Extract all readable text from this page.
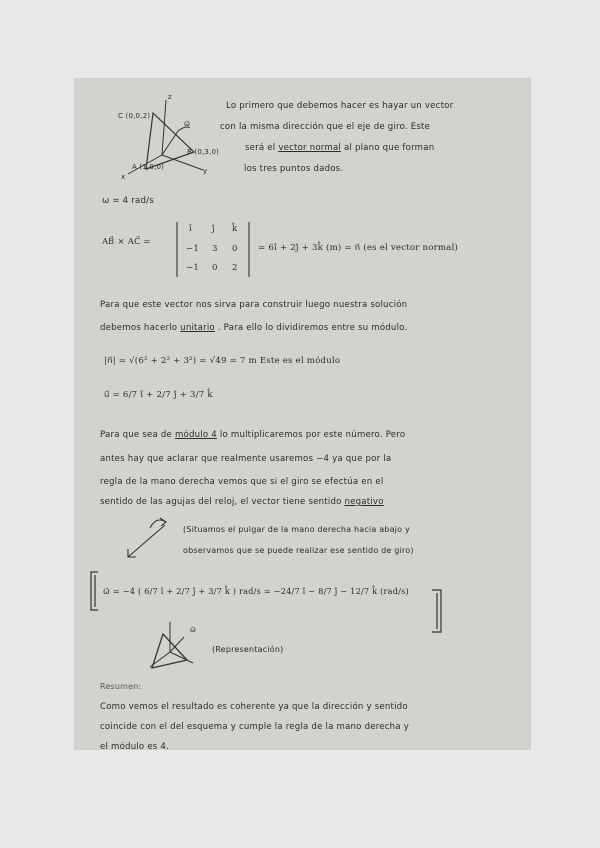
z
y
x
C (0,0,2)
B (0,3,0)
A (1,0,0)
ω⃗
Lo primero que debemos hacer es hayar un vector
con la misma dirección que el eje de giro. Este
será el vector normal al plano que forman
los tres puntos dados.
ω = 4 rad/s
AB⃗ × AC⃗ =
î ĵ k̂
−1 3 0
−1 0 2
= 6î + 2ĵ + 3k̂ (m) = n⃗ (es el vector normal)
Para que este vector nos sirva para construir luego nuestra solución
debemos hacerlo unitario . Para ello lo dividiremos entre su módulo.
|n⃗| = √(6² + 2² + 3²) = √49 = 7 m Este es el módulo
u⃗ = 6/7 î + 2/7 ĵ + 3/7 k̂
Para que sea de módulo 4 lo multiplicaremos por este número. Pero
antes hay que aclarar que realmente usaremos −4 ya que por la
regla de la mano derecha vemos que si el giro se efectúa en el
sentido de las agujas del reloj, el vector tiene sentido negativo
(Situamos el pulgar de la mano derecha hacia abajo y
observamos que se puede realizar ese sentido de giro)
ω⃗ = −4 ( 6/7 î + 2/7 ĵ + 3/7 k̂ ) rad/s = −24/7 î − 8/7 ĵ − 12/7 k̂ (rad/s)
ω⃗
(Representación)
Resumen:
Como vemos el resultado es coherente ya que la dirección y sentido
coincide con el del esquema y cumple la regla de la mano derecha y
el módulo es 4.
